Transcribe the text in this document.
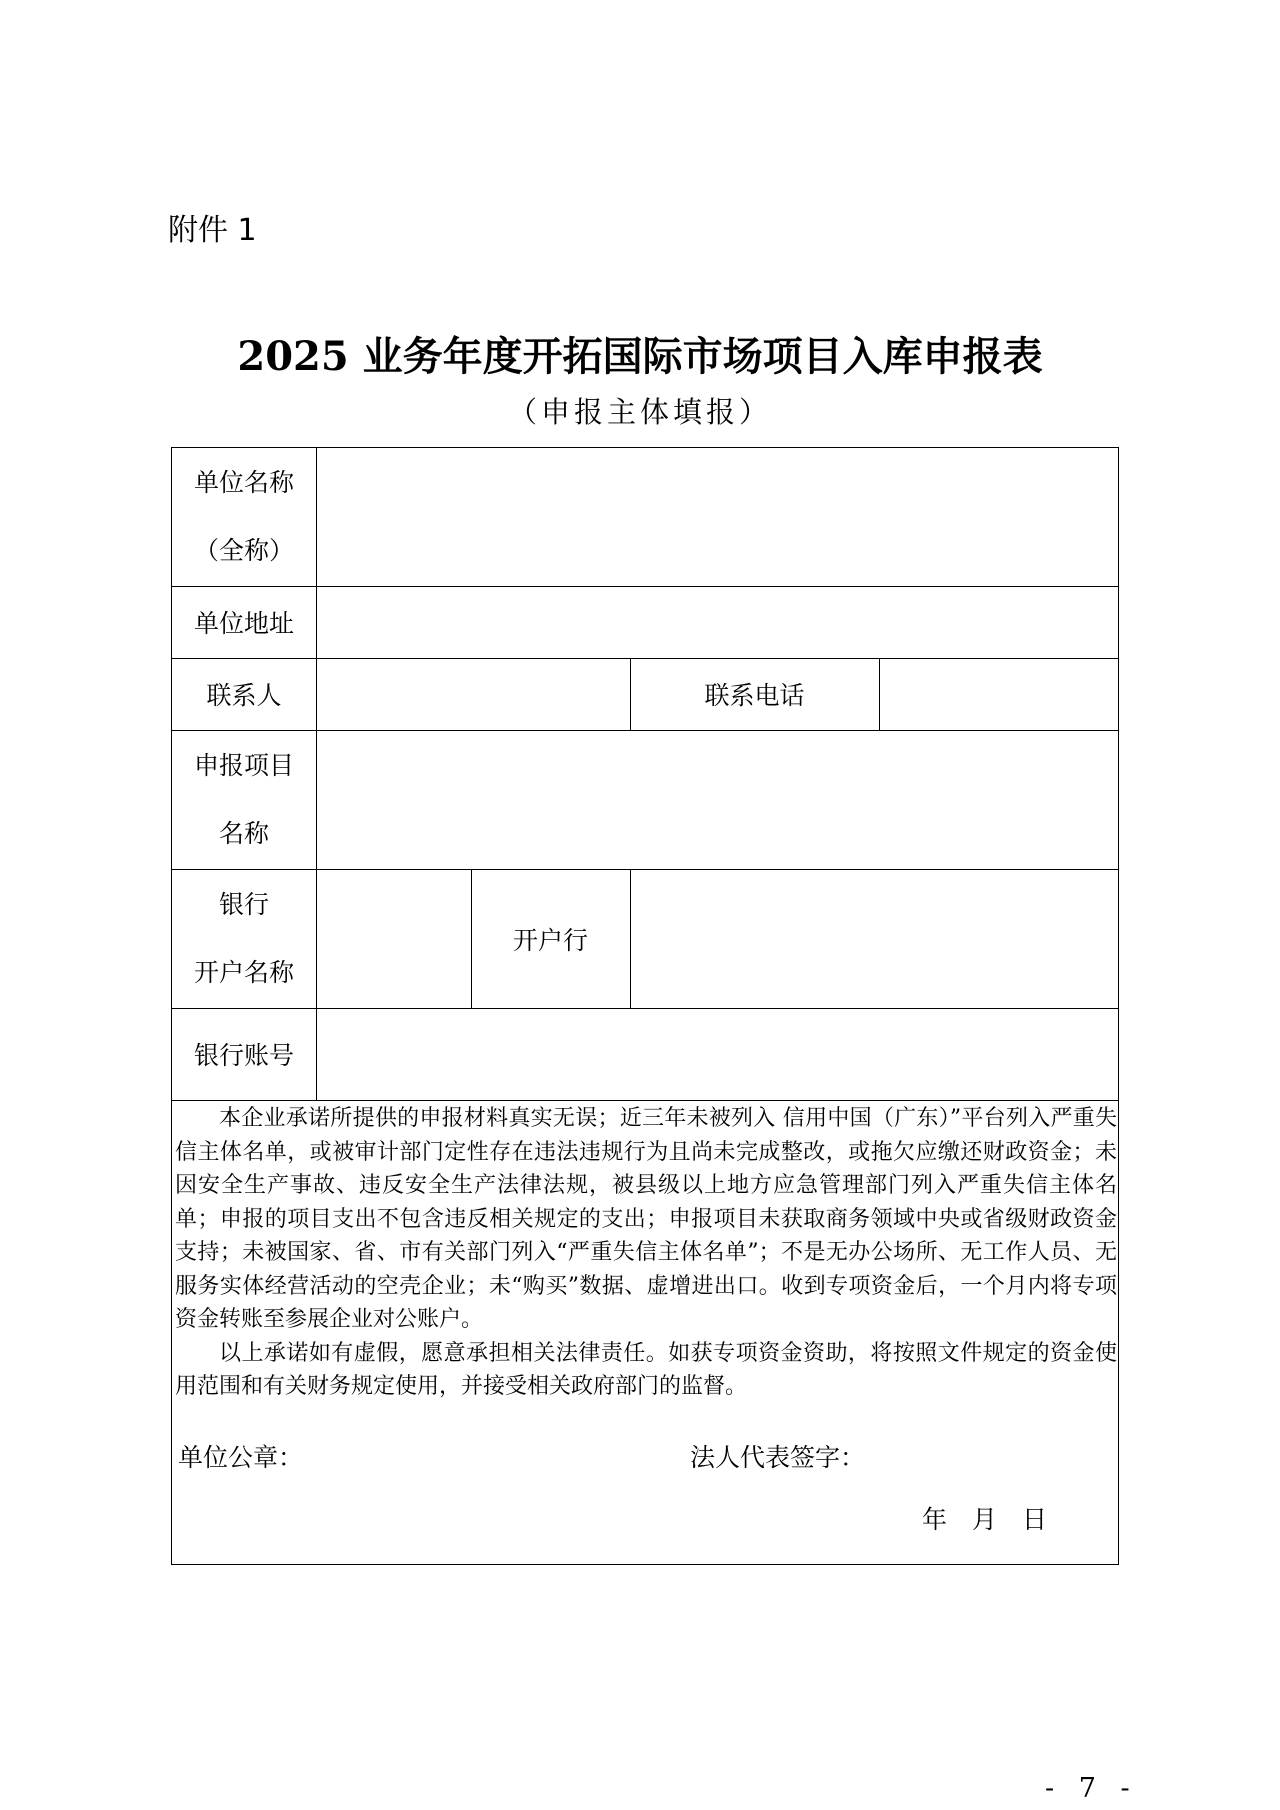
附件 1
2025 业务年度开拓国际市场项目入库申报表
（申报主体填报）
单位名称
（全称）
单位地址
联系人	联系电话
申报项目
名称
银行
开户名称
开户行
银行账号

本企业承诺所提供的申报材料真实无误；近三年未被列入 信用中国（广东）”平台列入严重失信主体名单，或被审计部门定性存在违法违规行为且尚未完成整改，或拖欠应缴还财政资金；未因安全生产事故、违反安全生产法律法规，被县级以上地方应急管理部门列入严重失信主体名单；申报的项目支出不包含违反相关规定的支出；申报项目未获取商务领域中央或省级财政资金支持；未被国家、省、市有关部门列入“严重失信主体名单”；不是无办公场所、无工作人员、无服务实体经营活动的空壳企业；未“购买”数据、虚增进出口。收到专项资金后，一个月内将专项资金转账至参展企业对公账户。

以上承诺如有虚假，愿意承担相关法律责任。如获专项资金资助，将按照文件规定的资金使用范围和有关财务规定使用，并接受相关政府部门的监督。

单位公章：	法人代表签字：
年　月　日
- 7 -
